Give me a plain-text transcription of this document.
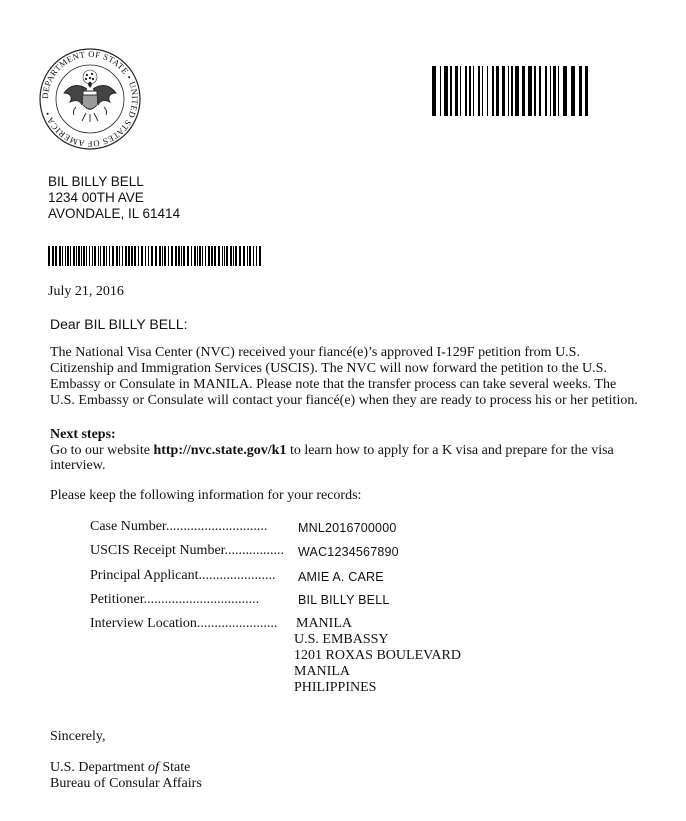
DEPARTMENT OF STATE • UNITED STATES OF AMERICA •
BIL BILLY BELL
1234 00TH AVE
AVONDALE, IL 61414
July 21, 2016
Dear BIL BILLY BELL:

The National Visa Center (NVC) received your fiancé(e)’s approved I-129F petition from U.S. Citizenship and Immigration Services (USCIS). The NVC will now forward the petition to the U.S. Embassy or Consulate in MANILA. Please note that the transfer process can take several weeks. The U.S. Embassy or Consulate will contact your fiancé(e) when they are ready to process his or her petition.

Next steps:
Go to our website http://nvc.state.gov/k1 to learn how to apply for a K visa and prepare for the visa interview.
Please keep the following information for your records:
Case Number............................. MNL2016700000
USCIS Receipt Number................. WAC1234567890
Principal Applicant...................... AMIE A. CARE
Petitioner.................................	BIL BILLY BELL
Interview Location....................... MANILA
U.S. EMBASSY
1201 ROXAS BOULEVARD
MANILA
PHILIPPINES
Sincerely,
U.S. Department of State
Bureau of Consular Affairs
